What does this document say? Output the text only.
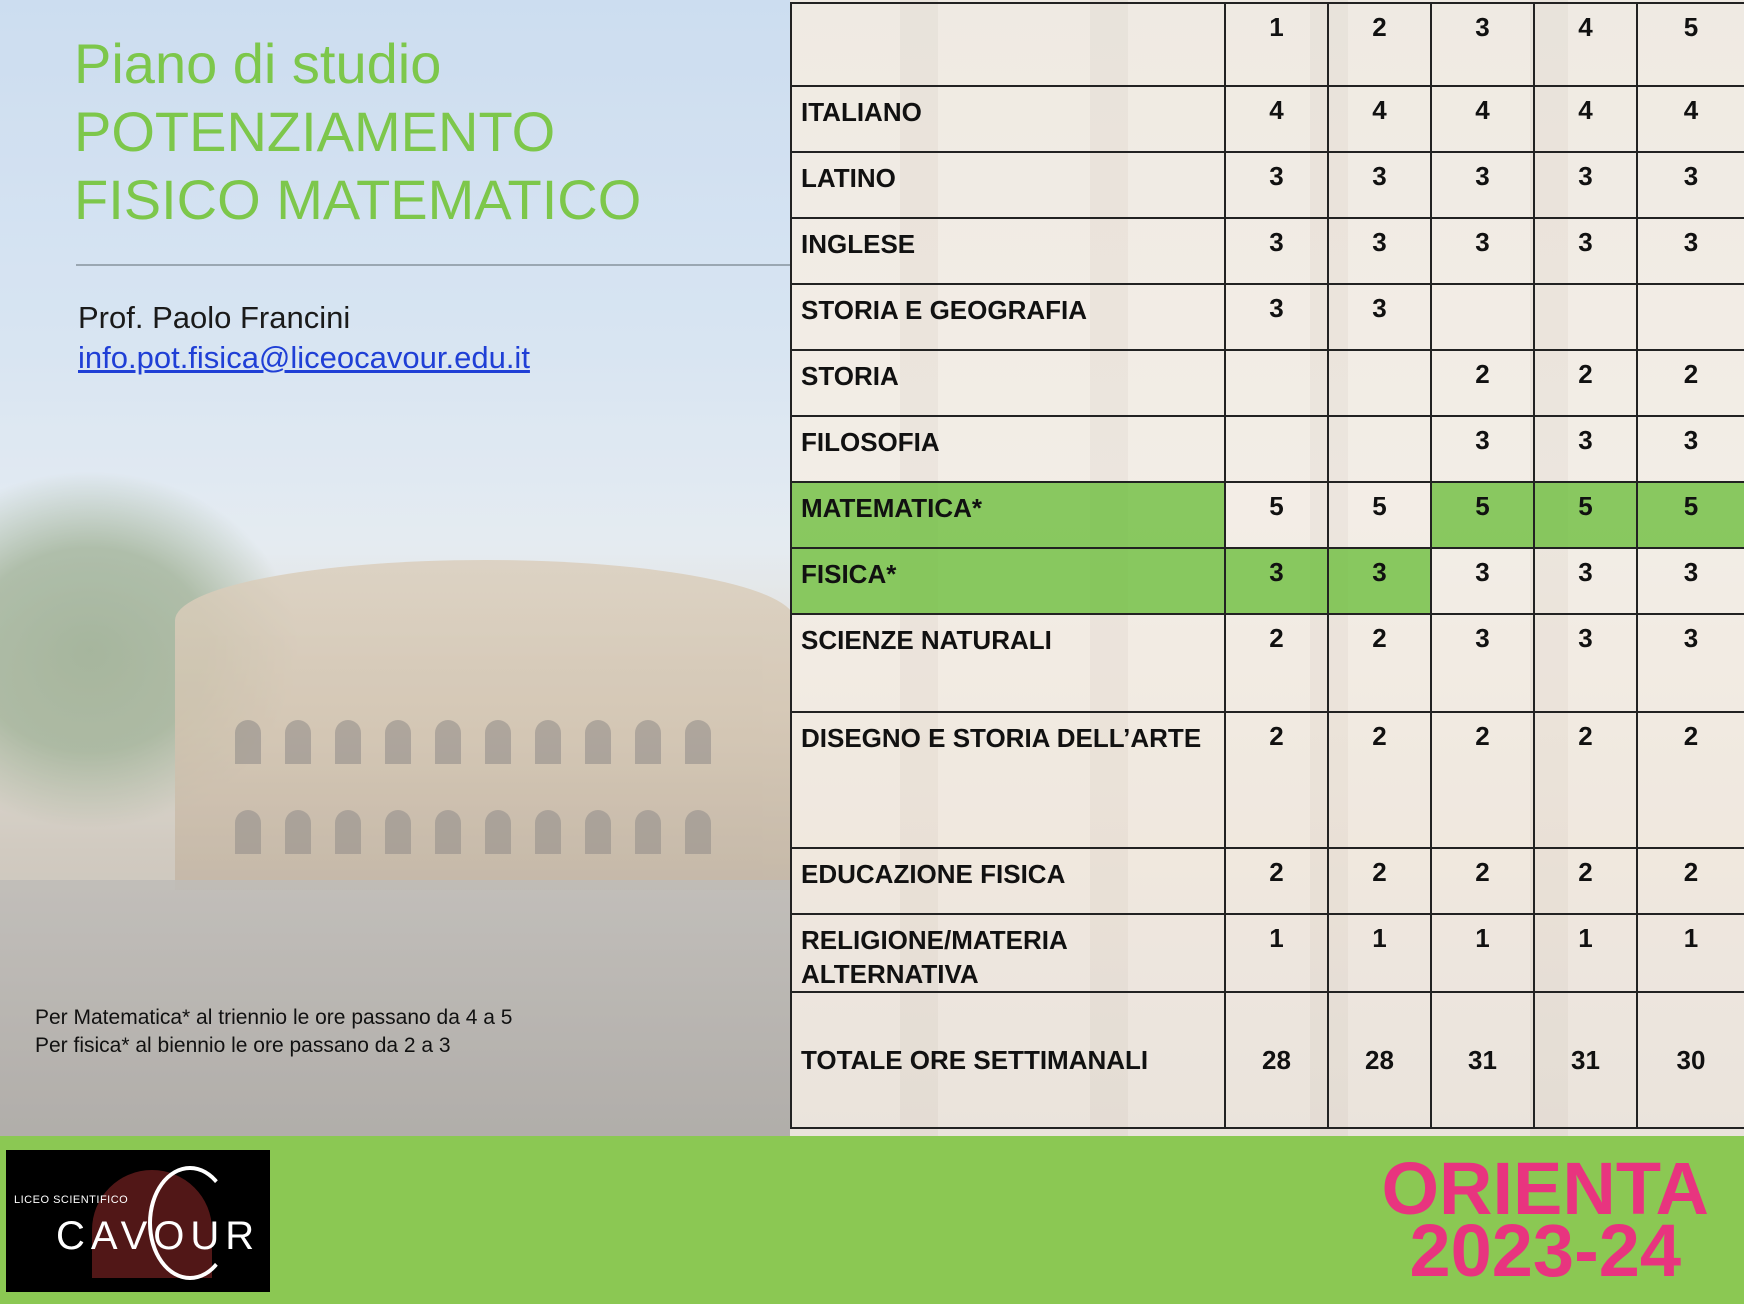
Piano di studio
POTENZIAMENTO
FISICO MATEMATICO
Prof. Paolo Francini
info.pot.fisica@liceocavour.edu.it
Per Matematica* al triennio le ore passano da 4 a 5
Per fisica* al biennio le ore passano da 2 a 3
	1	2	3	4	5
ITALIANO	4	4	4	4	4
LATINO	3	3	3	3	3
INGLESE	3	3	3	3	3
STORIA E GEOGRAFIA	3	3			
STORIA			2	2	2
FILOSOFIA			3	3	3
MATEMATICA*	5	5	5	5	5
FISICA*	3	3	3	3	3
SCIENZE NATURALI	2	2	3	3	3
DISEGNO E STORIA DELL’ARTE	2	2	2	2	2
EDUCAZIONE FISICA	2	2	2	2	2
RELIGIONE/MATERIA ALTERNATIVA	1	1	1	1	1
TOTALE ORE SETTIMANALI	28	28	31	31	30
LICEO SCIENTIFICO
CAVOUR
ORIENTA
2023-24
